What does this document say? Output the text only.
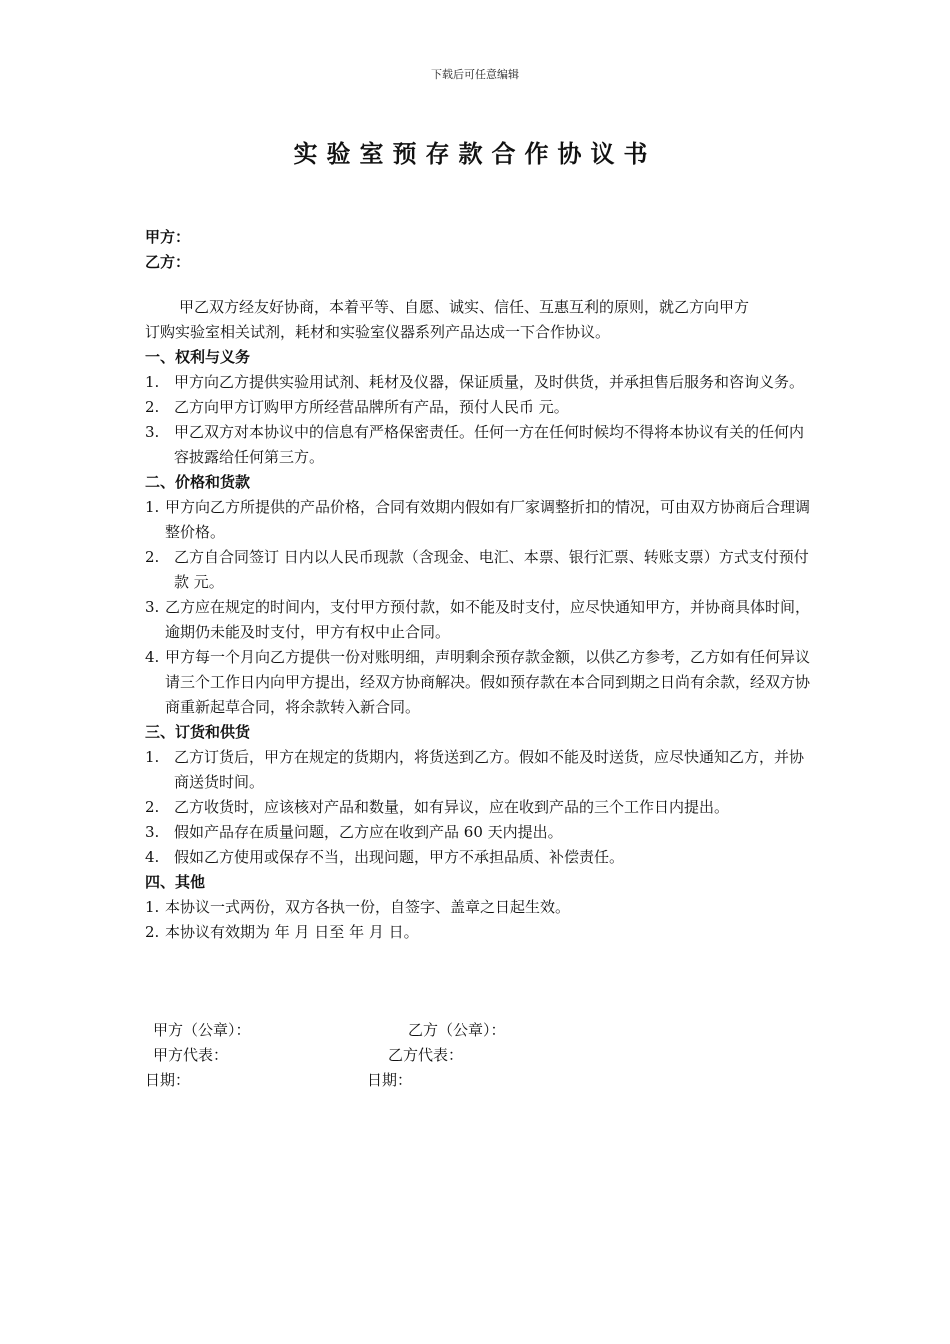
下载后可任意编辑
实验室预存款合作协议书
甲方：
乙方：
甲乙双方经友好协商，本着平等、自愿、诚实、信任、互惠互利的原则，就乙方向甲方
订购实验室相关试剂，耗材和实验室仪器系列产品达成一下合作协议。
一、权利与义务
1. 甲方向乙方提供实验用试剂、耗材及仪器，保证质量，及时供货，并承担售后服务和咨询义务。
2. 乙方向甲方订购甲方所经营品牌所有产品，预付人民币 元。
3. 甲乙双方对本协议中的信息有严格保密责任。任何一方在任何时候均不得将本协议有关的任何内容披露给任何第三方。
二、价格和货款
1. 甲方向乙方所提供的产品价格，合同有效期内假如有厂家调整折扣的情况，可由双方协商后合理调整价格。
2. 乙方自合同签订 日内以人民币现款（含现金、电汇、本票、银行汇票、转账支票）方式支付预付款 元。
3. 乙方应在规定的时间内，支付甲方预付款，如不能及时支付，应尽快通知甲方，并协商具体时间，逾期仍未能及时支付，甲方有权中止合同。
4. 甲方每一个月向乙方提供一份对账明细，声明剩余预存款金额，以供乙方参考，乙方如有任何异议请三个工作日内向甲方提出，经双方协商解决。假如预存款在本合同到期之日尚有余款，经双方协商重新起草合同，将余款转入新合同。
三、订货和供货
1. 乙方订货后，甲方在规定的货期内，将货送到乙方。假如不能及时送货，应尽快通知乙方，并协商送货时间。
2. 乙方收货时，应该核对产品和数量，如有异议，应在收到产品的三个工作日内提出。
3. 假如产品存在质量问题，乙方应在收到产品 60 天内提出。
4. 假如乙方使用或保存不当，出现问题，甲方不承担品质、补偿责任。
四、其他
1. 本协议一式两份，双方各执一份，自签字、盖章之日起生效。
2. 本协议有效期为 年 月 日至 年 月 日。
甲方（公章）：	乙方（公章）：
甲方代表：	乙方代表：
日期：	日期：
